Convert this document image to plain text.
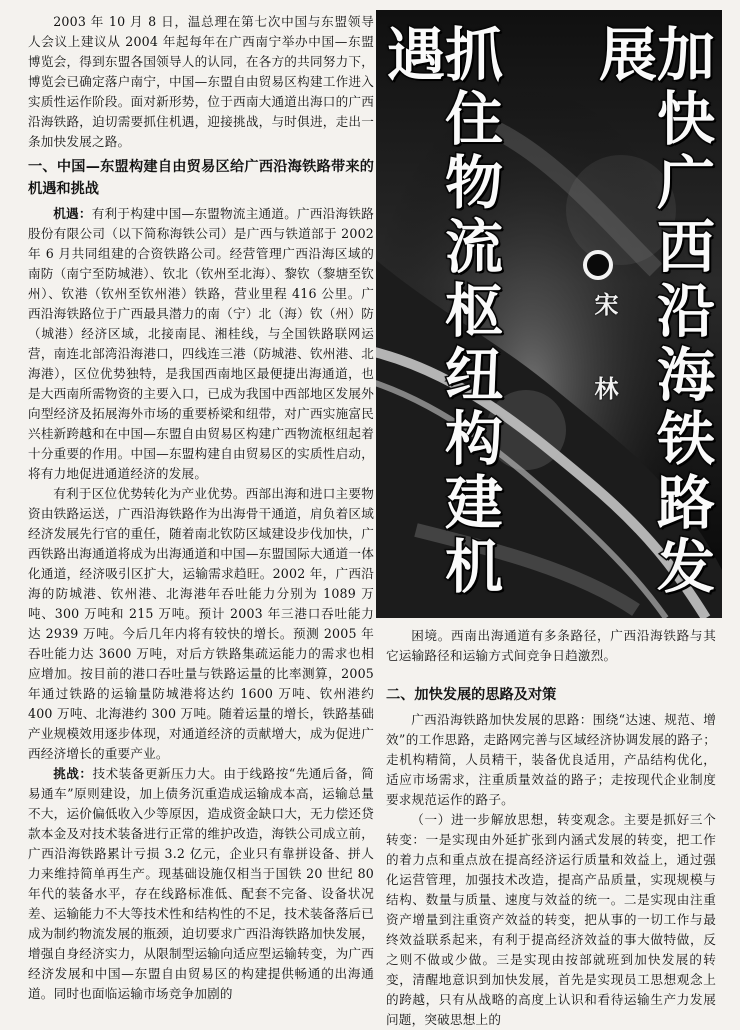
2003 年 10 月 8 日，温总理在第七次中国与东盟领导人会议上建议从 2004 年起每年在广西南宁举办中国—东盟博览会，得到东盟各国领导人的认同，在各方的共同努力下，博览会已确定落户南宁，中国—东盟自由贸易区构建工作进入实质性运作阶段。面对新形势，位于西南大通道出海口的广西沿海铁路，迫切需要抓住机遇，迎接挑战，与时俱进，走出一条加快发展之路。

一、中国—东盟构建自由贸易区给广西沿海铁路带来的机遇和挑战

机遇：有利于构建中国—东盟物流主通道。广西沿海铁路股份有限公司（以下简称海铁公司）是广西与铁道部于 2002 年 6 月共同组建的合资铁路公司。经营管理广西沿海区域的南防（南宁至防城港）、钦北（钦州至北海）、黎钦（黎塘至钦州）、钦港（钦州至钦州港）铁路，营业里程 416 公里。广西沿海铁路位于广西最具潜力的南（宁）北（海）钦（州）防（城港）经济区域，北接南昆、湘桂线，与全国铁路联网运营，南连北部湾沿海港口，四线连三港（防城港、钦州港、北海港），区位优势独特，是我国西南地区最便捷出海通道，也是大西南所需物资的主要入口，已成为我国中西部地区发展外向型经济及拓展海外市场的重要桥梁和纽带，对广西实施富民兴桂新跨越和在中国—东盟自由贸易区构建广西物流枢纽起着十分重要的作用。中国—东盟构建自由贸易区的实质性启动，将有力地促进通道经济的发展。

有利于区位优势转化为产业优势。西部出海和进口主要物资由铁路运送，广西沿海铁路作为出海骨干通道，肩负着区域经济发展先行官的重任，随着南北钦防区域建设步伐加快，广西铁路出海通道将成为出海通道和中国—东盟国际大通道一体化通道，经济吸引区扩大，运输需求趋旺。2002 年，广西沿海的防城港、钦州港、北海港年吞吐能力分别为 1089 万吨、300 万吨和 215 万吨。预计 2003 年三港口吞吐能力达 2939 万吨。今后几年内将有较快的增长。预测 2005 年吞吐能力达 3600 万吨，对后方铁路集疏运能力的需求也相应增加。按目前的港口吞吐量与铁路运量的比率测算，2005 年通过铁路的运输量防城港将达约 1600 万吨、钦州港约 400 万吨、北海港约 300 万吨。随着运量的增长，铁路基础产业规模效用逐步体现，对通道经济的贡献增大，成为促进广西经济增长的重要产业。

挑战：技术装备更新压力大。由于线路按“先通后备，简易通车”原则建设，加上债务沉重造成运输成本高，运输总量不大，运价偏低收入少等原因，造成资金缺口大，无力偿还贷款本金及对技术装备进行正常的维护改造，海铁公司成立前，广西沿海铁路累计亏损 3.2 亿元，企业只有靠拼设备、拼人力来维持简单再生产。现基础设施仅相当于国铁 20 世纪 80 年代的装备水平，存在线路标准低、配套不完备、设备状况差、运输能力不大等技术性和结构性的不足，技术装备落后已成为制约物流发展的瓶颈，迫切要求广西沿海铁路加快发展，增强自身经济实力，从限制型运输向适应型运输转变，为广西经济发展和中国—东盟自由贸易区的构建提供畅通的出海通道。同时也面临运输市场竞争加剧的

加快广西沿海铁路发展
抓住物流枢纽构建机遇
宋 林

困境。西南出海通道有多条路径，广西沿海铁路与其它运输路径和运输方式间竞争日趋激烈。

二、加快发展的思路及对策

广西沿海铁路加快发展的思路：围绕“达速、规范、增效”的工作思路，走路网完善与区域经济协调发展的路子；走机构精简，人员精干，装备优良适用，产品结构优化，适应市场需求，注重质量效益的路子；走按现代企业制度要求规范运作的路子。

（一）进一步解放思想，转变观念。主要是抓好三个转变：一是实现由外延扩张到内涵式发展的转变，把工作的着力点和重点放在提高经济运行质量和效益上，通过强化运营管理，加强技术改造，提高产品质量，实现规模与结构、数量与质量、速度与效益的统一。二是实现由注重资产增量到注重资产效益的转变，把从事的一切工作与最终效益联系起来，有利于提高经济效益的事大做特做，反之则不做或少做。三是实现由按部就班到加快发展的转变，清醒地意识到加快发展，首先是实现员工思想观念上的跨越，只有从战略的高度上认识和看待运输生产力发展问题，突破思想上的
